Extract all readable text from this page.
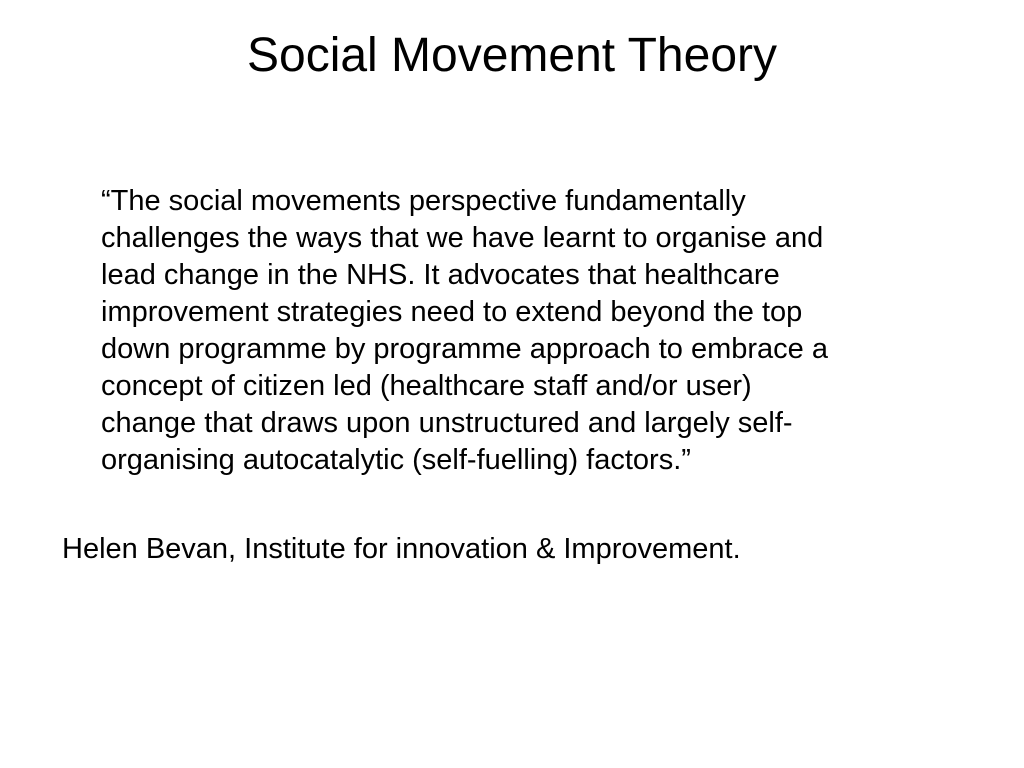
Social Movement Theory

“The social movements perspective fundamentally
challenges the ways that we have learnt to organise and
lead change in the NHS. It advocates that healthcare
improvement strategies need to extend beyond the top
down programme by programme approach to embrace a
concept of citizen led (healthcare staff and/or user)
change that draws upon unstructured and largely self-
organising autocatalytic (self-fuelling) factors.”

Helen Bevan, Institute for innovation & Improvement.
